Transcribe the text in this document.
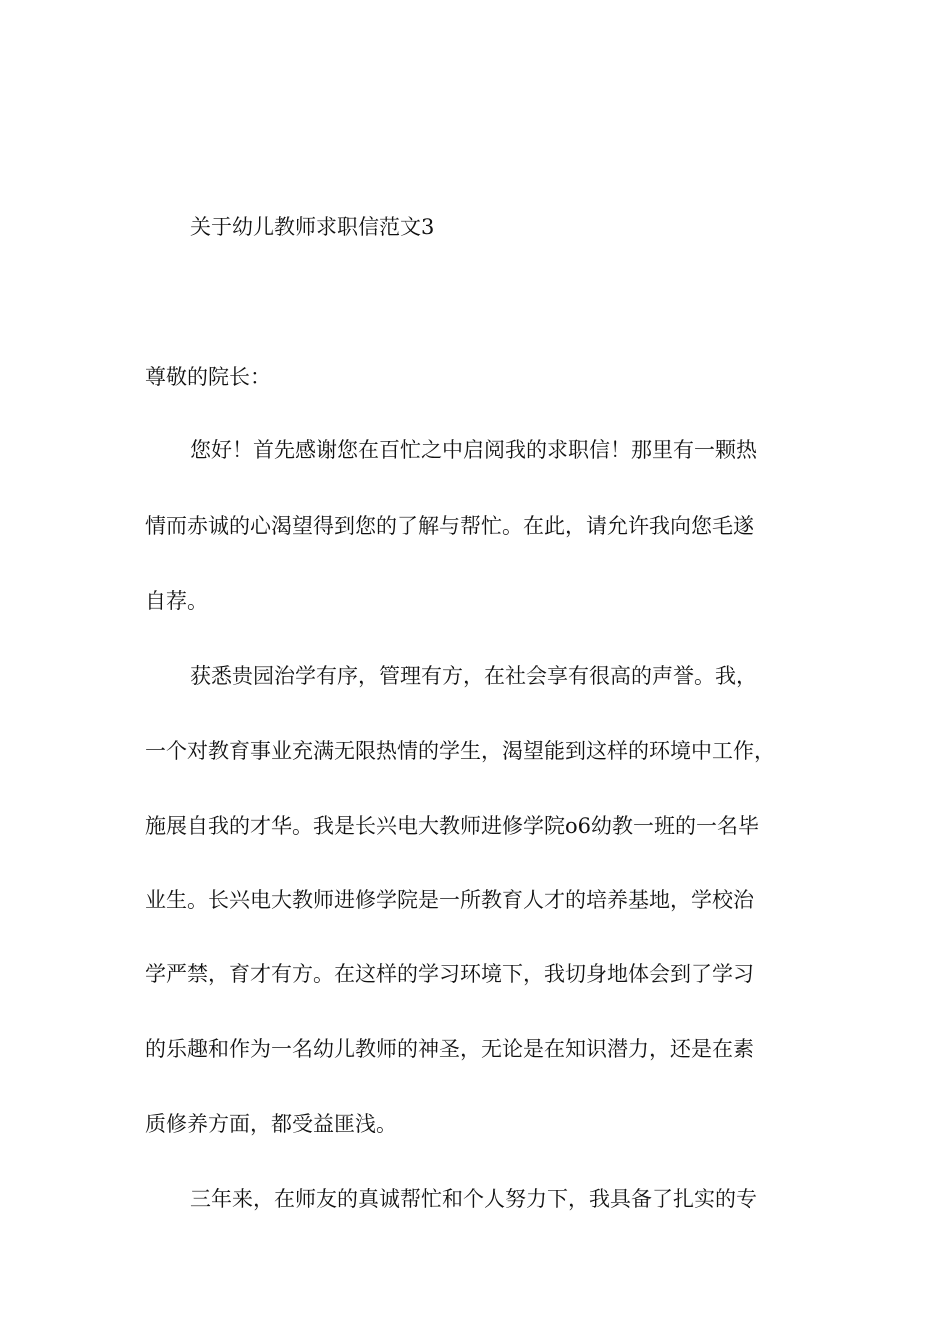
关于幼儿教师求职信范文3
尊敬的院长：
您好！首先感谢您在百忙之中启阅我的求职信！那里有一颗热
情而赤诚的心渴望得到您的了解与帮忙。在此，请允许我向您毛遂
自荐。
获悉贵园治学有序，管理有方，在社会享有很高的声誉。我，
一个对教育事业充满无限热情的学生，渴望能到这样的环境中工作，
施展自我的才华。我是长兴电大教师进修学院o6幼教一班的一名毕
业生。长兴电大教师进修学院是一所教育人才的培养基地，学校治
学严禁，育才有方。在这样的学习环境下，我切身地体会到了学习
的乐趣和作为一名幼儿教师的神圣，无论是在知识潜力，还是在素
质修养方面，都受益匪浅。
三年来，在师友的真诚帮忙和个人努力下，我具备了扎实的专
